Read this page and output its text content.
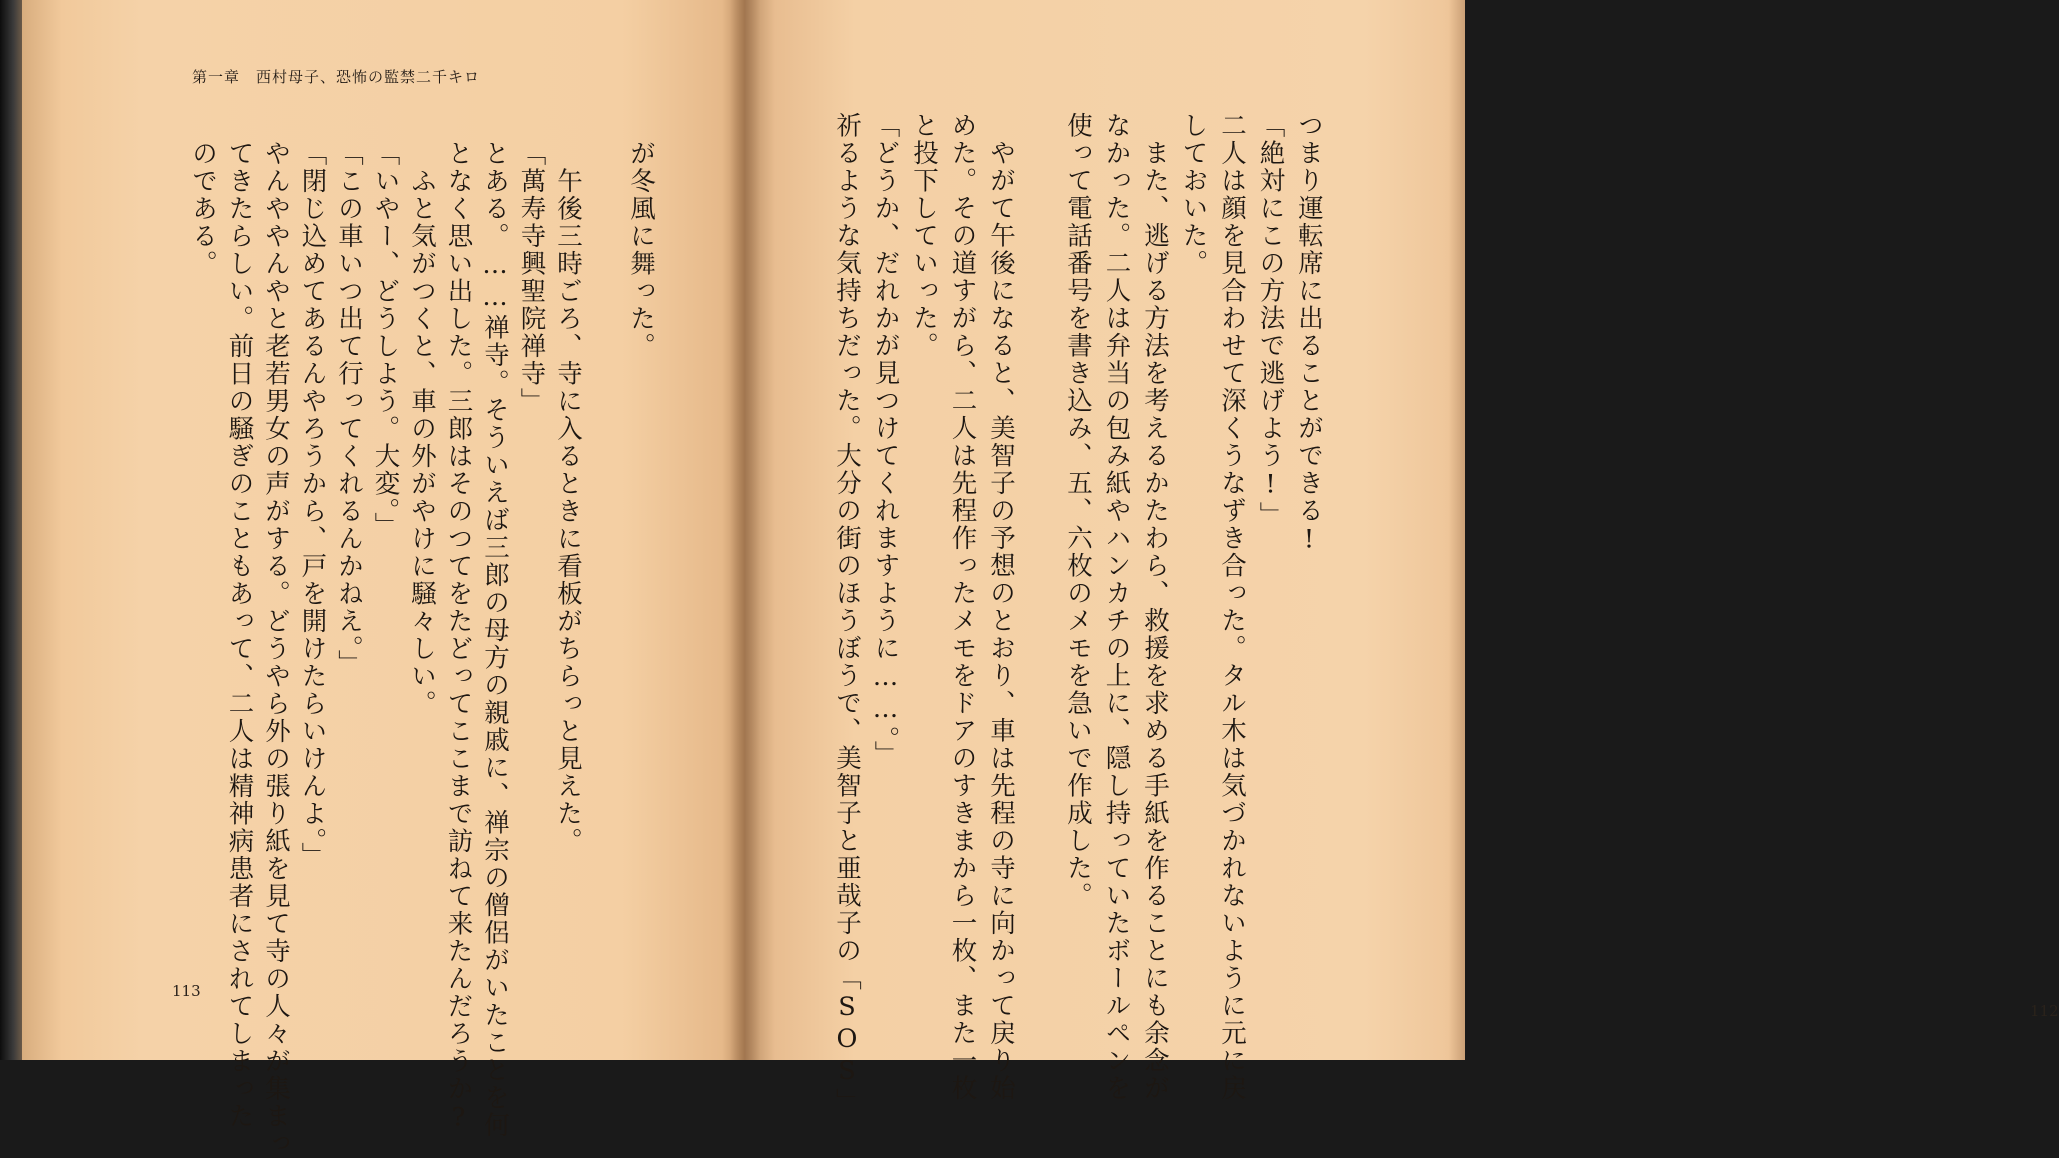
第一章　西村母子、恐怖の監禁二千キロ
が冬風に舞った。
　午後三時ごろ、寺に入るときに看板がちらっと見えた。
「萬寿寺興聖院禅寺」
とある。……禅寺。そういえば三郎の母方の親戚に、禅宗の僧侶がいたことを何
となく思い出した。三郎はそのつてをたどってここまで訪ねて来たんだろうか?
　ふと気がつくと、車の外がやけに騒々しい。
「いやー、どうしよう。大変。」
「この車いつ出て行ってくれるんかねえ。」
「閉じ込めてあるんやろうから、戸を開けたらいけんよ。」
やんややんやと老若男女の声がする。どうやら外の張り紙を見て寺の人々が集まっ
てきたらしい。前日の騒ぎのこともあって、二人は精神病患者にされてしまった
のである。
113
つまり運転席に出ることができる!
「絶対にこの方法で逃げよう!」
二人は顔を見合わせて深くうなずき合った。タル木は気づかれないように元に戻
しておいた。
　また、逃げる方法を考えるかたわら、救援を求める手紙を作ることにも余念が
なかった。二人は弁当の包み紙やハンカチの上に、隠し持っていたボールペンを
使って電話番号を書き込み、五、六枚のメモを急いで作成した。
　やがて午後になると、美智子の予想のとおり、車は先程の寺に向かって戻り始
めた。その道すがら、二人は先程作ったメモをドアのすきまから一枚、また一枚
と投下していった。
「どうか、だれかが見つけてくれますように……。」
祈るような気持ちだった。大分の街のほうぼうで、美智子と亜哉子の「SOS」	112
